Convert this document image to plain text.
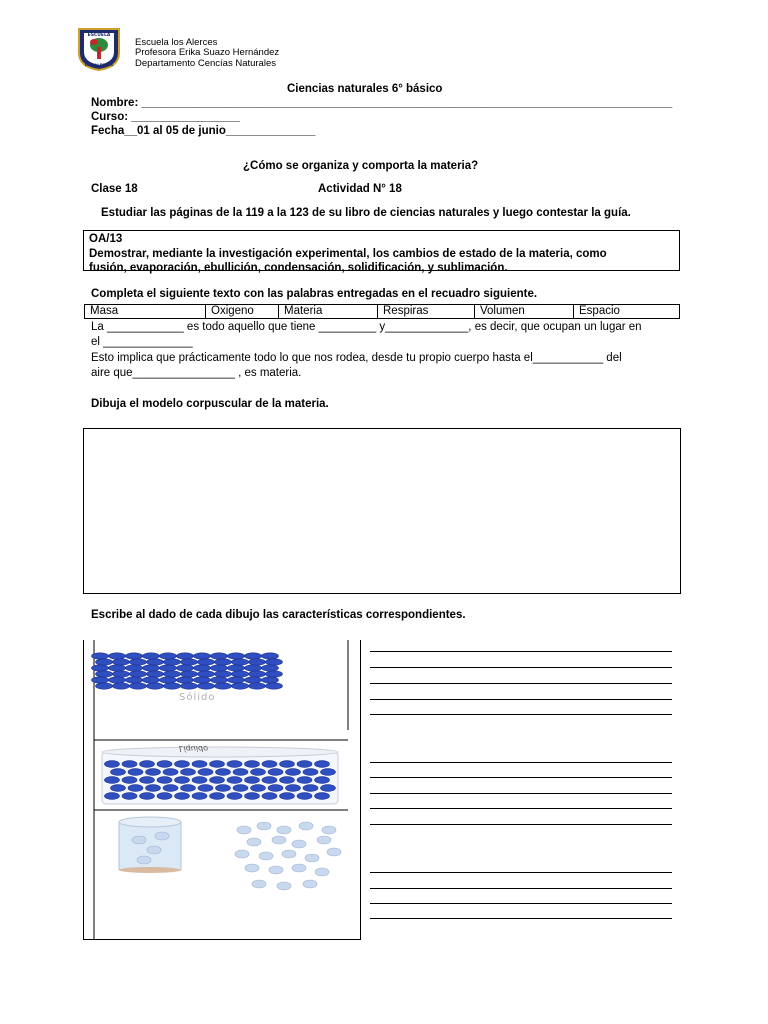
ESCUELA
LOS ALERCES
Escuela los Alerces
Profesora Erika Suazo Hernández
Departamento Cencías Naturales
Ciencias naturales 6° básico
Nombre: ___________________________________________________________________________________
Curso: _________________
Fecha__01 al 05 de junio______________
¿Cómo se organiza y comporta la materia?
Clase 18	Actividad N° 18
Estudiar las páginas de la 119 a la 123 de su libro de ciencias naturales y luego contestar la guía.
OA/13
Demostrar, mediante la investigación experimental, los cambios de estado de la materia, como
fusión, evaporación, ebullición, condensación, solidificación, y sublimación.
Completa el siguiente texto con las palabras entregadas en el recuadro siguiente.
Masa	Oxigeno	Materia	Respiras	Volumen	Espacio
La ____________ es todo aquello que tiene _________ y_____________, es decir, que ocupan un lugar en
el ______________
Esto implica que prácticamente todo lo que nos rodea, desde tu propio cuerpo hasta el___________ del
aire que________________ , es materia.
Dibuja el modelo corpuscular de la materia.
Escribe al dado de cada dibujo las características correspondientes.
Sólido
Líquido
